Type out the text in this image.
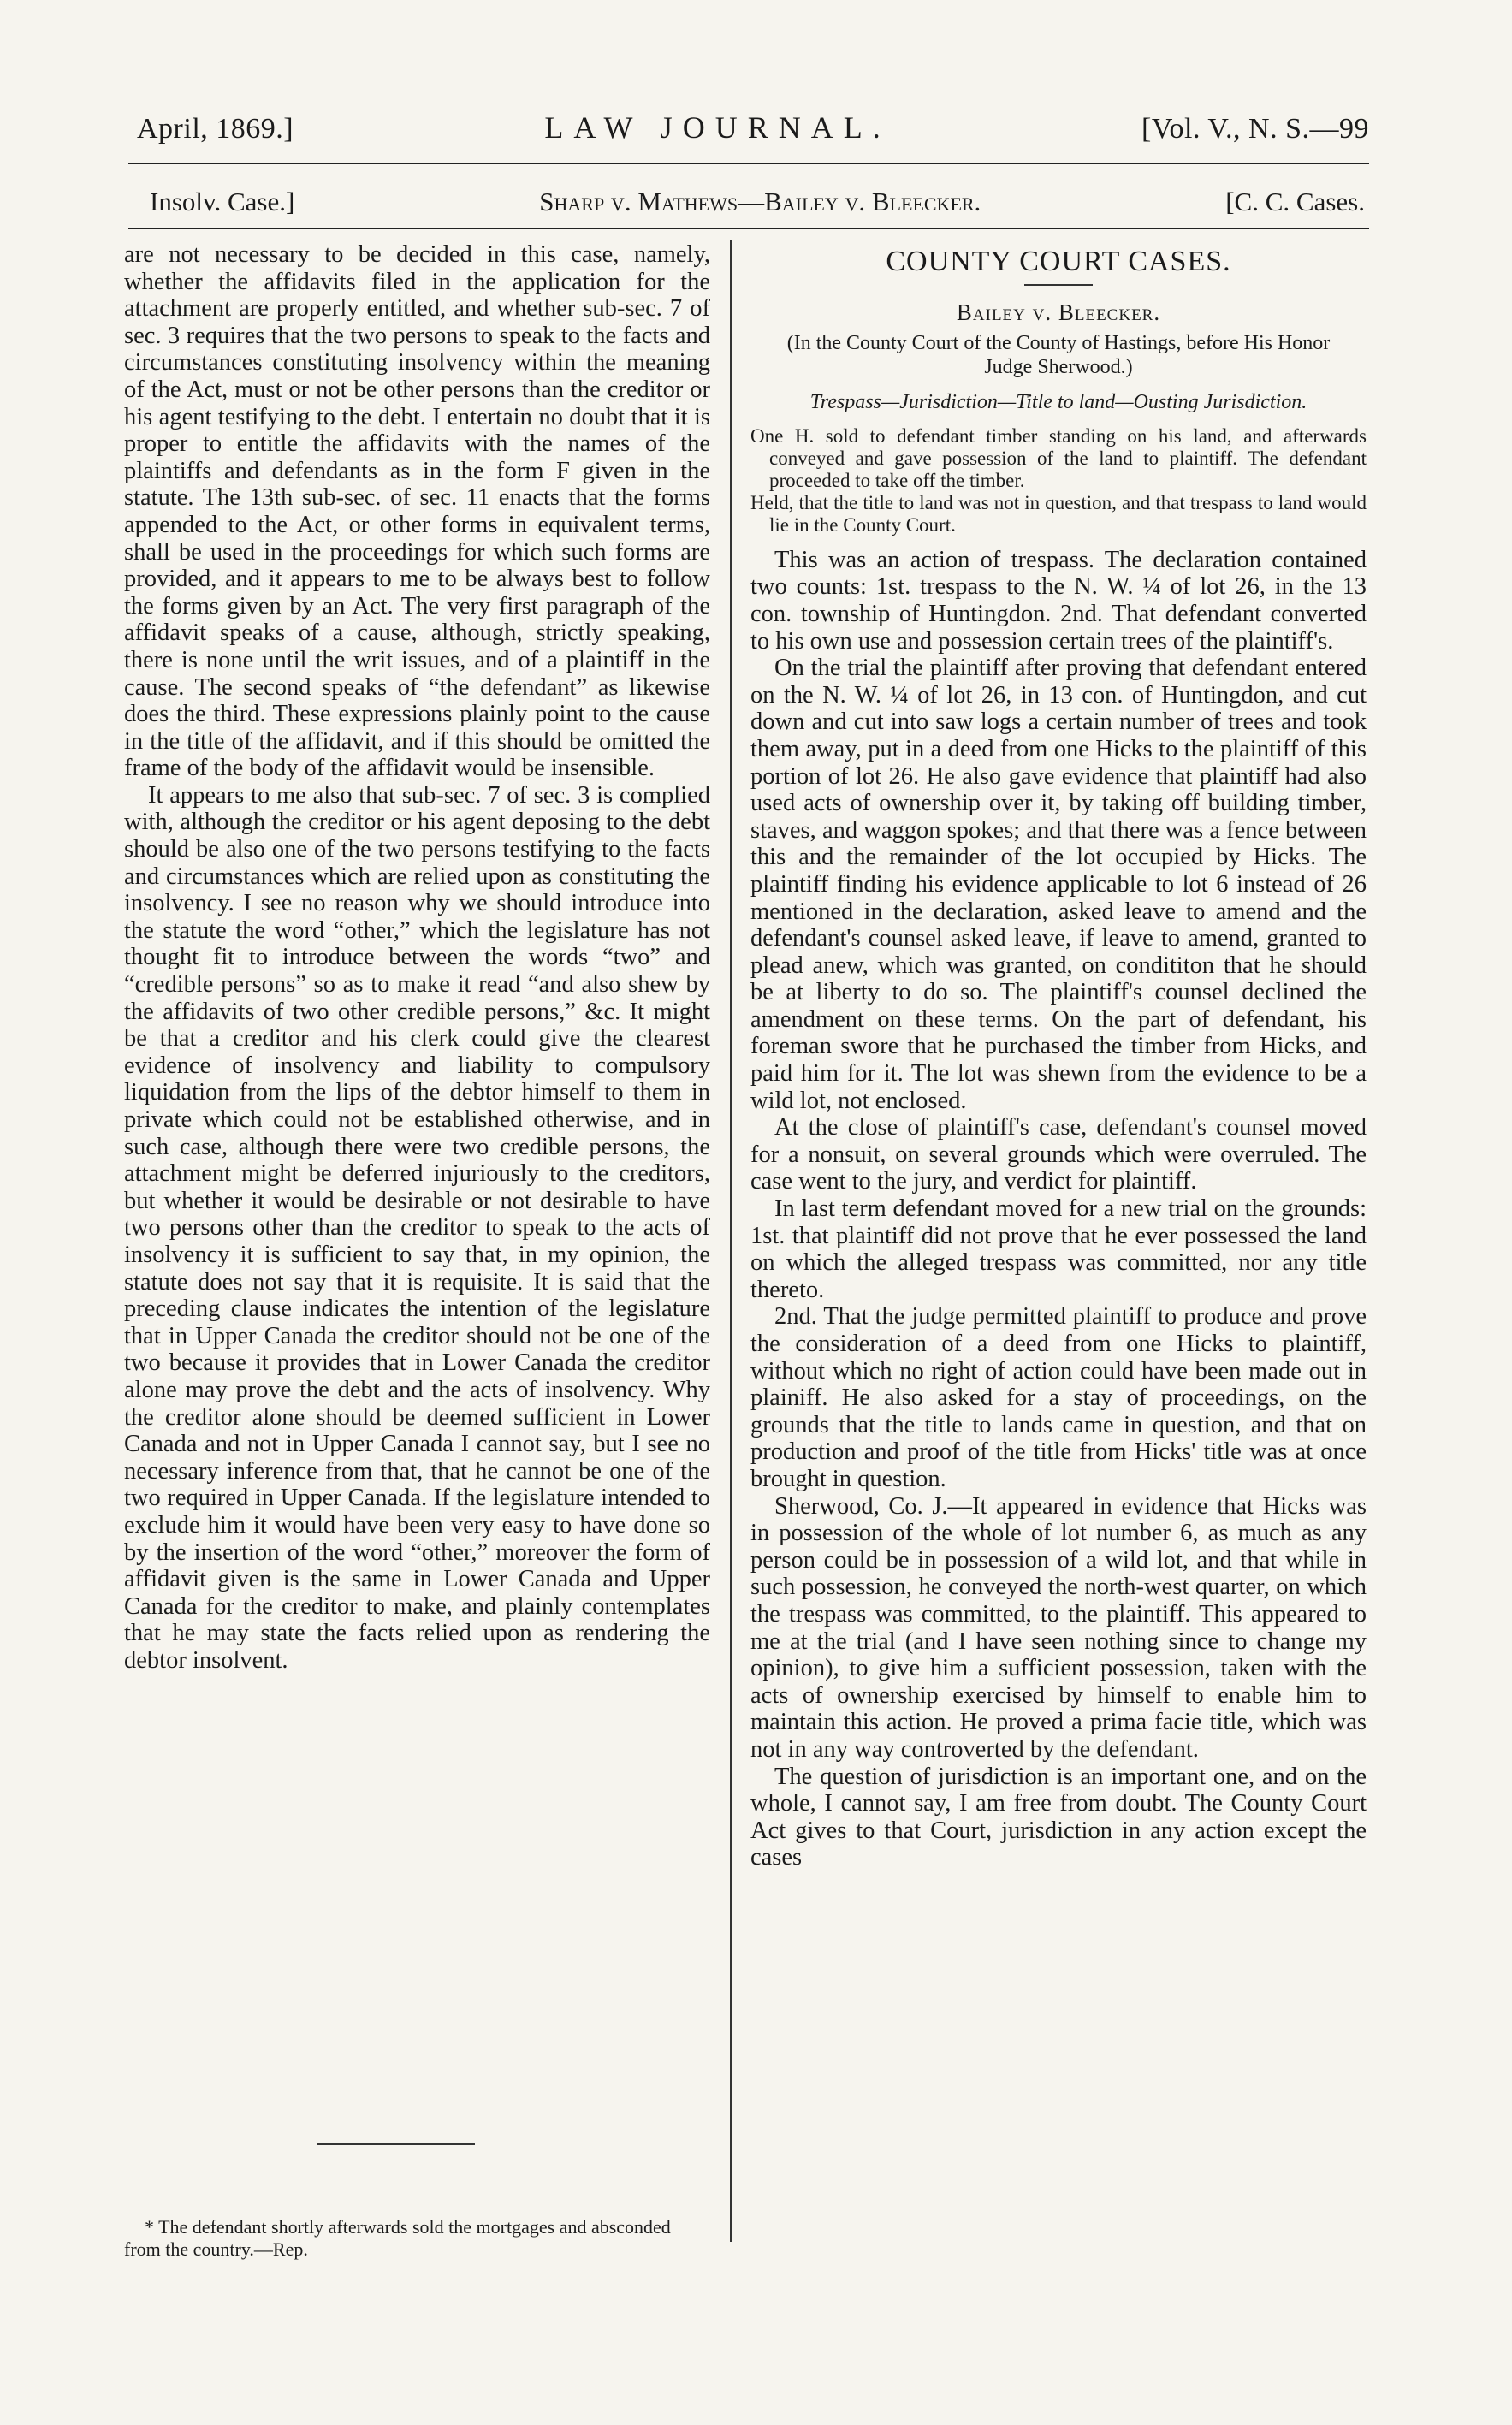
April, 1869.]	LAW JOURNAL.	[Vol. V., N. S.—99
Insolv. Case.]	Sharp v. Mathews—Bailey v. Bleecker.	[C. C. Cases.

are not necessary to be decided in this case, namely, whether the affidavits filed in the application for the attachment are properly entitled, and whether sub-sec. 7 of sec. 3 requires that the two persons to speak to the facts and circumstances constituting insolvency within the meaning of the Act, must or not be other persons than the creditor or his agent testifying to the debt. I entertain no doubt that it is proper to entitle the affidavits with the names of the plaintiffs and defendants as in the form F given in the statute. The 13th sub-sec. of sec. 11 enacts that the forms appended to the Act, or other forms in equivalent terms, shall be used in the proceedings for which such forms are provided, and it appears to me to be always best to follow the forms given by an Act. The very first paragraph of the affidavit speaks of a cause, although, strictly speaking, there is none until the writ issues, and of a plaintiff in the cause. The second speaks of “the defendant” as likewise does the third. These expressions plainly point to the cause in the title of the affidavit, and if this should be omitted the frame of the body of the affidavit would be insensible.

It appears to me also that sub-sec. 7 of sec. 3 is complied with, although the creditor or his agent deposing to the debt should be also one of the two persons testifying to the facts and circumstances which are relied upon as constituting the insolvency. I see no reason why we should introduce into the statute the word “other,” which the legislature has not thought fit to introduce between the words “two” and “credible persons” so as to make it read “and also shew by the affidavits of two other credible persons,” &c. It might be that a creditor and his clerk could give the clearest evidence of insolvency and liability to compulsory liquidation from the lips of the debtor himself to them in private which could not be established otherwise, and in such case, although there were two credible persons, the attachment might be deferred injuriously to the creditors, but whether it would be desirable or not desirable to have two persons other than the creditor to speak to the acts of insolvency it is sufficient to say that, in my opinion, the statute does not say that it is requisite. It is said that the preceding clause indicates the intention of the legislature that in Upper Canada the creditor should not be one of the two because it provides that in Lower Canada the creditor alone may prove the debt and the acts of insolvency. Why the creditor alone should be deemed sufficient in Lower Canada and not in Upper Canada I cannot say, but I see no necessary inference from that, that he cannot be one of the two required in Upper Canada. If the legislature intended to exclude him it would have been very easy to have done so by the insertion of the word “other,” moreover the form of affidavit given is the same in Lower Canada and Upper Canada for the creditor to make, and plainly contemplates that he may state the facts relied upon as rendering the debtor insolvent.

COUNTY COURT CASES.
Bailey v. Bleecker.
(In the County Court of the County of Hastings, before His Honor Judge Sherwood.)
Trespass—Jurisdiction—Title to land—Ousting Jurisdiction.

One H. sold to defendant timber standing on his land, and afterwards conveyed and gave possession of the land to plaintiff. The defendant proceeded to take off the timber.

Held, that the title to land was not in question, and that trespass to land would lie in the County Court.

This was an action of trespass. The declaration contained two counts: 1st. trespass to the N. W. ¼ of lot 26, in the 13 con. township of Huntingdon. 2nd. That defendant converted to his own use and possession certain trees of the plaintiff's.

On the trial the plaintiff after proving that defendant entered on the N. W. ¼ of lot 26, in 13 con. of Huntingdon, and cut down and cut into saw logs a certain number of trees and took them away, put in a deed from one Hicks to the plaintiff of this portion of lot 26. He also gave evidence that plaintiff had also used acts of ownership over it, by taking off building timber, staves, and waggon spokes; and that there was a fence between this and the remainder of the lot occupied by Hicks. The plaintiff finding his evidence applicable to lot 6 instead of 26 mentioned in the declaration, asked leave to amend and the defendant's counsel asked leave, if leave to amend, granted to plead anew, which was granted, on condititon that he should be at liberty to do so. The plaintiff's counsel declined the amendment on these terms. On the part of defendant, his foreman swore that he purchased the timber from Hicks, and paid him for it. The lot was shewn from the evidence to be a wild lot, not enclosed.

At the close of plaintiff's case, defendant's counsel moved for a nonsuit, on several grounds which were overruled. The case went to the jury, and verdict for plaintiff.

In last term defendant moved for a new trial on the grounds: 1st. that plaintiff did not prove that he ever possessed the land on which the alleged trespass was committed, nor any title thereto.

2nd. That the judge permitted plaintiff to produce and prove the consideration of a deed from one Hicks to plaintiff, without which no right of action could have been made out in plainiff. He also asked for a stay of proceedings, on the grounds that the title to lands came in question, and that on production and proof of the title from Hicks' title was at once brought in question.

Sherwood, Co. J.—It appeared in evidence that Hicks was in possession of the whole of lot number 6, as much as any person could be in possession of a wild lot, and that while in such possession, he conveyed the north-west quarter, on which the trespass was committed, to the plaintiff. This appeared to me at the trial (and I have seen nothing since to change my opinion), to give him a sufficient possession, taken with the acts of ownership exercised by himself to enable him to maintain this action. He proved a prima facie title, which was not in any way controverted by the defendant.

The question of jurisdiction is an important one, and on the whole, I cannot say, I am free from doubt. The County Court Act gives to that Court, jurisdiction in any action except the cases

* The defendant shortly afterwards sold the mortgages and absconded from the country.—Rep.
